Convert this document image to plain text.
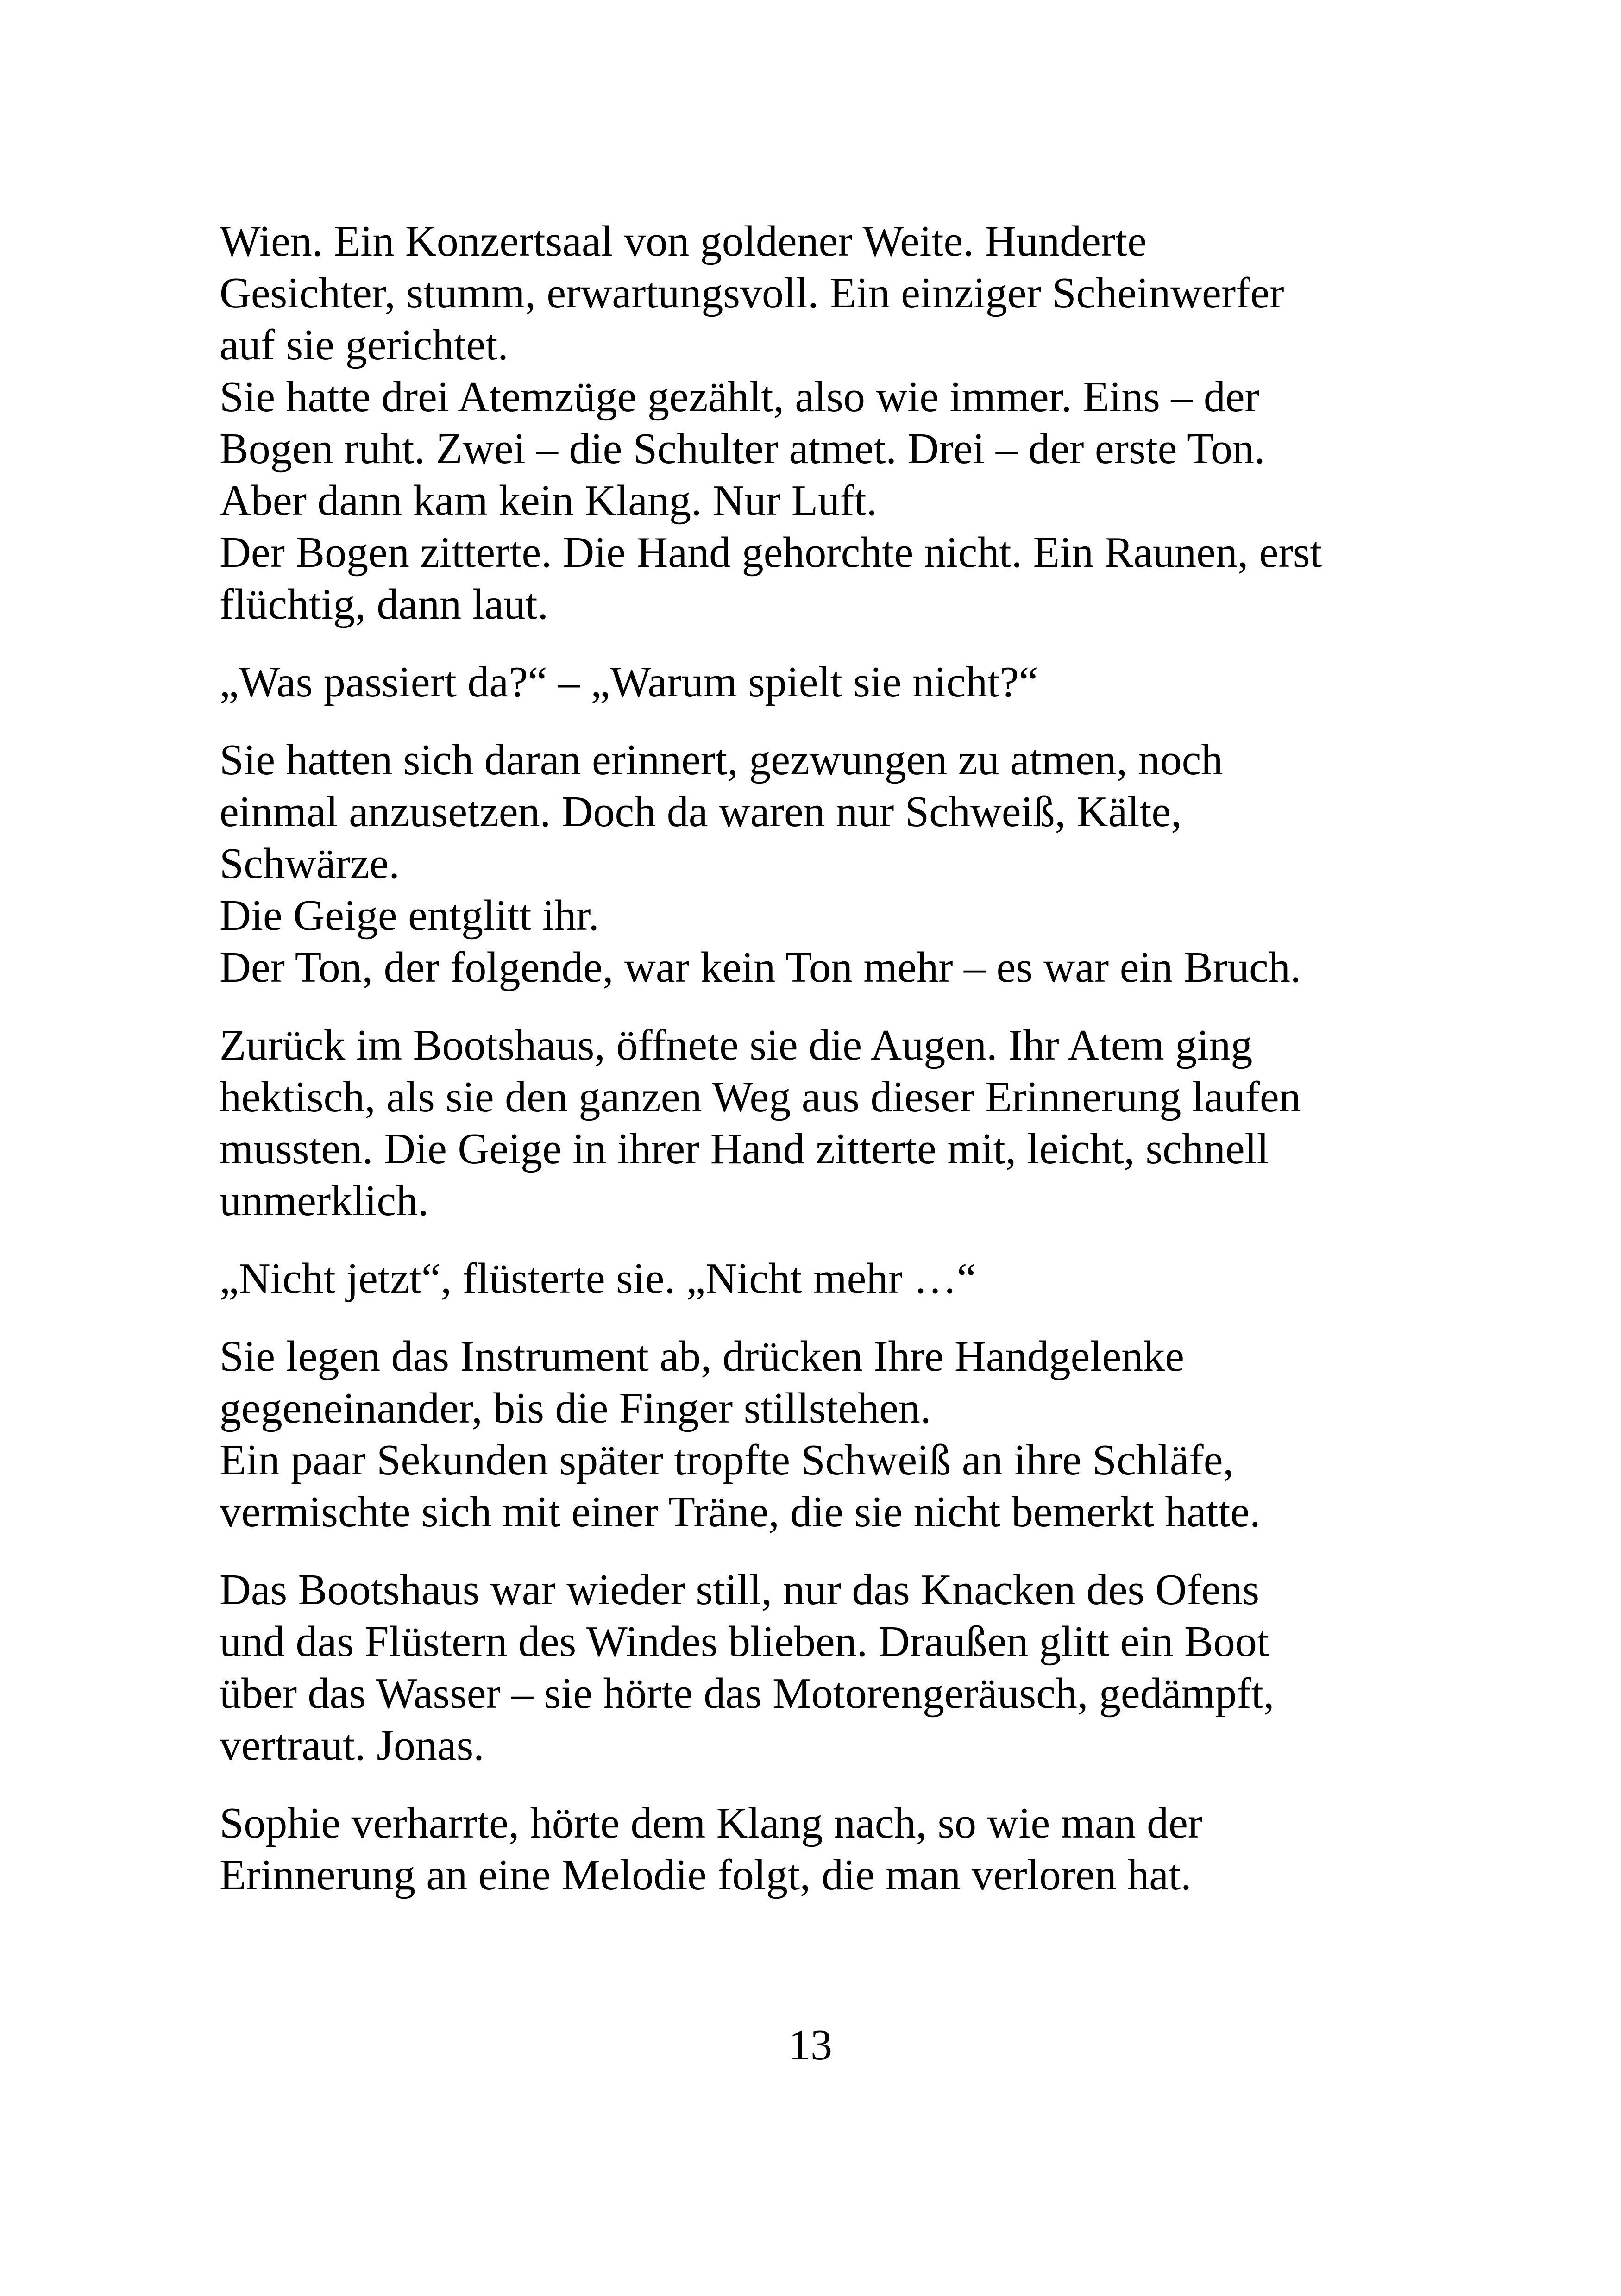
Wien. Ein Konzertsaal von goldener Weite. Hunderte
Gesichter, stumm, erwartungsvoll. Ein einziger Scheinwerfer
auf sie gerichtet.
Sie hatte drei Atemzüge gezählt, also wie immer. Eins – der
Bogen ruht. Zwei – die Schulter atmet. Drei – der erste Ton.
Aber dann kam kein Klang. Nur Luft.
Der Bogen zitterte. Die Hand gehorchte nicht. Ein Raunen, erst
flüchtig, dann laut.

„Was passiert da?“ – „Warum spielt sie nicht?“

Sie hatten sich daran erinnert, gezwungen zu atmen, noch
einmal anzusetzen. Doch da waren nur Schweiß, Kälte,
Schwärze.
Die Geige entglitt ihr.
Der Ton, der folgende, war kein Ton mehr – es war ein Bruch.

Zurück im Bootshaus, öffnete sie die Augen. Ihr Atem ging
hektisch, als sie den ganzen Weg aus dieser Erinnerung laufen
mussten. Die Geige in ihrer Hand zitterte mit, leicht, schnell
unmerklich.

„Nicht jetzt“, flüsterte sie. „Nicht mehr …“

Sie legen das Instrument ab, drücken Ihre Handgelenke
gegeneinander, bis die Finger stillstehen.
Ein paar Sekunden später tropfte Schweiß an ihre Schläfe,
vermischte sich mit einer Träne, die sie nicht bemerkt hatte.

Das Bootshaus war wieder still, nur das Knacken des Ofens
und das Flüstern des Windes blieben. Draußen glitt ein Boot
über das Wasser – sie hörte das Motorengeräusch, gedämpft,
vertraut. Jonas.

Sophie verharrte, hörte dem Klang nach, so wie man der
Erinnerung an eine Melodie folgt, die man verloren hat.

13
